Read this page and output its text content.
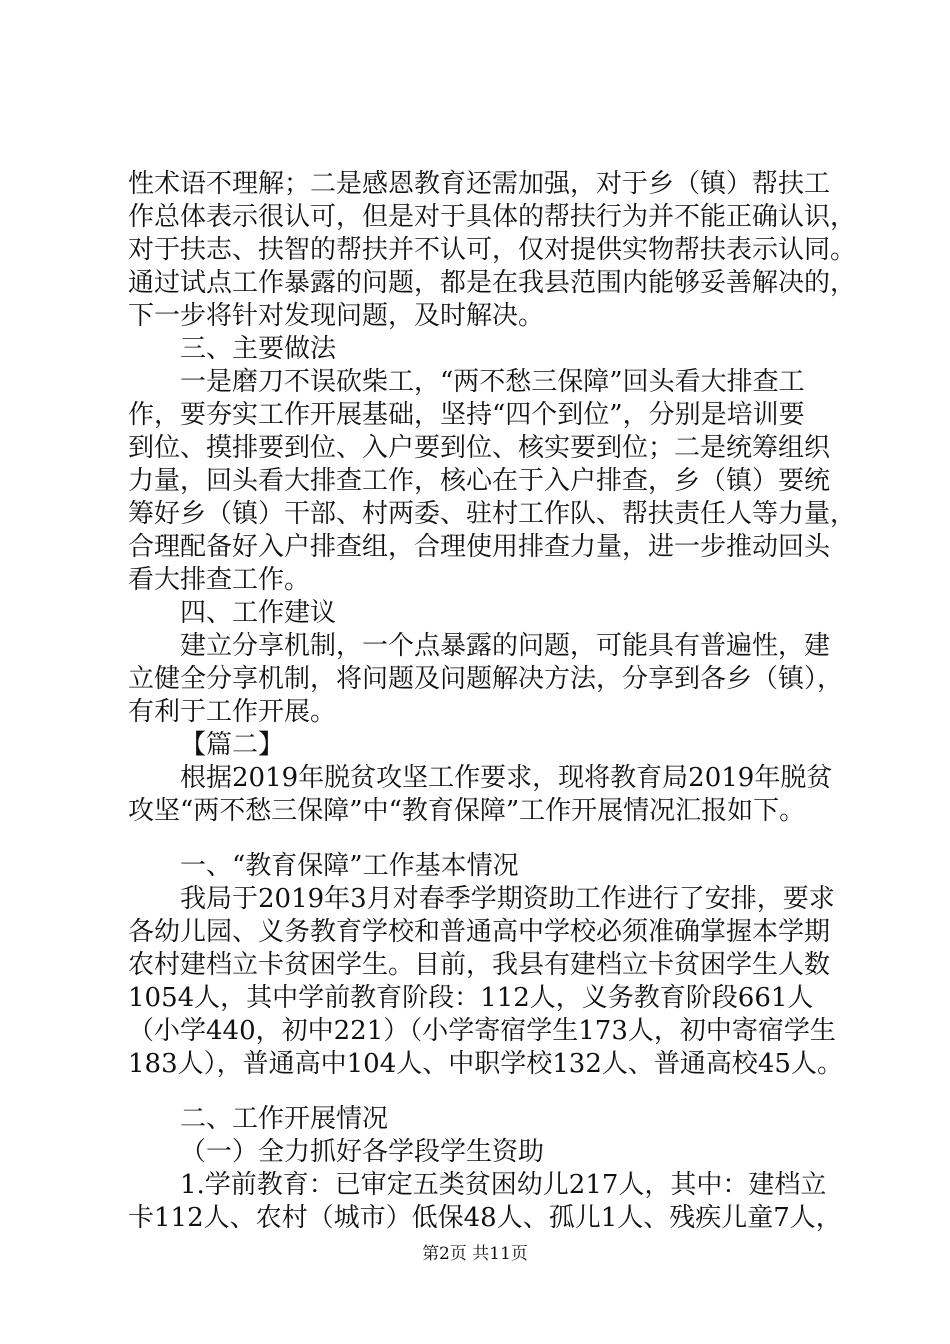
性术语不理解；二是感恩教育还需加强，对于乡（镇）帮扶工
作总体表示很认可，但是对于具体的帮扶行为并不能正确认识，
对于扶志、扶智的帮扶并不认可，仅对提供实物帮扶表示认同。
通过试点工作暴露的问题，都是在我县范围内能够妥善解决的，
下一步将针对发现问题，及时解决。
三、主要做法
一是磨刀不误砍柴工，“两不愁三保障”回头看大排查工
作，要夯实工作开展基础，坚持“四个到位”，分别是培训要
到位、摸排要到位、入户要到位、核实要到位；二是统筹组织
力量，回头看大排查工作，核心在于入户排查，乡（镇）要统
筹好乡（镇）干部、村两委、驻村工作队、帮扶责任人等力量，
合理配备好入户排查组，合理使用排查力量，进一步推动回头
看大排查工作。
四、工作建议
建立分享机制，一个点暴露的问题，可能具有普遍性，建
立健全分享机制，将问题及问题解决方法，分享到各乡（镇），
有利于工作开展。
【篇二】
根据2019年脱贫攻坚工作要求，现将教育局2019年脱贫
攻坚“两不愁三保障”中“教育保障”工作开展情况汇报如下。
一、“教育保障”工作基本情况
我局于2019年3月对春季学期资助工作进行了安排，要求
各幼儿园、义务教育学校和普通高中学校必须准确掌握本学期
农村建档立卡贫困学生。目前，我县有建档立卡贫困学生人数
1054人，其中学前教育阶段：112人，义务教育阶段661人
（小学440，初中221）（小学寄宿学生173人，初中寄宿学生
183人），普通高中104人、中职学校132人、普通高校45人。
二、工作开展情况
（一）全力抓好各学段学生资助
1.学前教育：已审定五类贫困幼儿217人，其中：建档立
卡112人、农村（城市）低保48人、孤儿1人、残疾儿童7人，
第2页 共11页
